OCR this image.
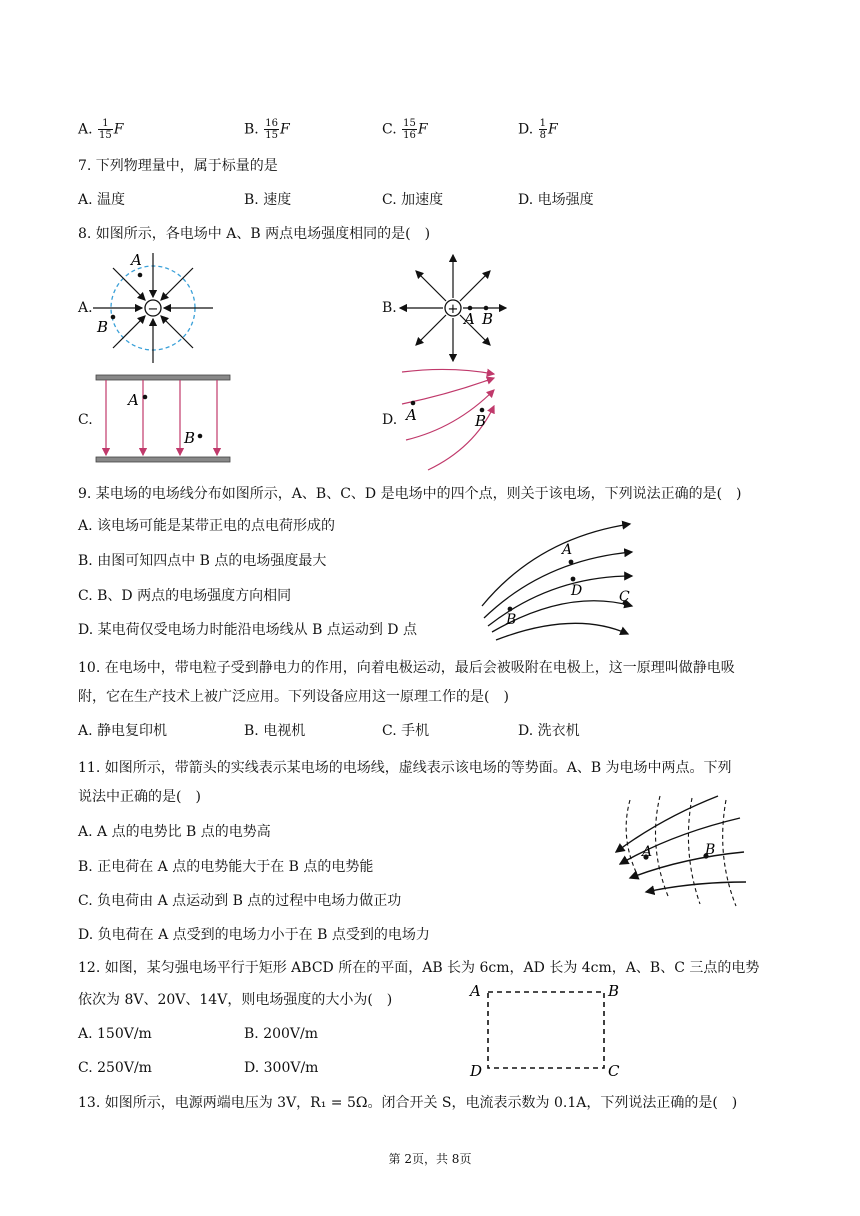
A. $\frac{1}{15}$ F	B. $\frac{16}{15}$ F	C. $\frac{15}{16}$ F	D. $\frac{1}{8}$ F
7. 下列物理量中，属于标量的是
A. 温度	B. 速度	C. 加速度	D. 电场强度
8. 如图所示，各电场中 A、B 两点电场强度相同的是(　)
A.	B.
C.	D.
−
A
B
+
A B
A
B
A	B
9. 某电场的电场线分布如图所示，A、B、C、D 是电场中的四个点，则关于该电场，下列说法正确的是(　)
A. 该电场可能是某带正电的点电荷形成的
B. 由图可知四点中 B 点的电场强度最大
C. B、D 两点的电场强度方向相同
D. 某电荷仅受电场力时能沿电场线从 B 点运动到 D 点
A
D
B
C
10. 在电场中，带电粒子受到静电力的作用，向着电极运动，最后会被吸附在电极上，这一原理叫做静电吸
附，它在生产技术上被广泛应用。下列设备应用这一原理工作的是(　)
A. 静电复印机	B. 电视机	C. 手机	D. 洗衣机
11. 如图所示，带箭头的实线表示某电场的电场线，虚线表示该电场的等势面。A、B 为电场中两点。下列
说法中正确的是(　)
A. A 点的电势比 B 点的电势高
B. 正电荷在 A 点的电势能大于在 B 点的电势能
C. 负电荷由 A 点运动到 B 点的过程中电场力做正功
D. 负电荷在 A 点受到的电场力小于在 B 点受到的电场力
A	B
12. 如图，某匀强电场平行于矩形 ABCD 所在的平面，AB 长为 6cm，AD 长为 4cm，A、B、C 三点的电势
依次为 8V、20V、14V，则电场强度的大小为(　)
A. 150V/m	B. 200V/m
C. 250V/m	D. 300V/m
A	B
C
D
13. 如图所示，电源两端电压为 3V，R₁ = 5Ω。闭合开关 S，电流表示数为 0.1A，下列说法正确的是(　)
第 2页，共 8页
